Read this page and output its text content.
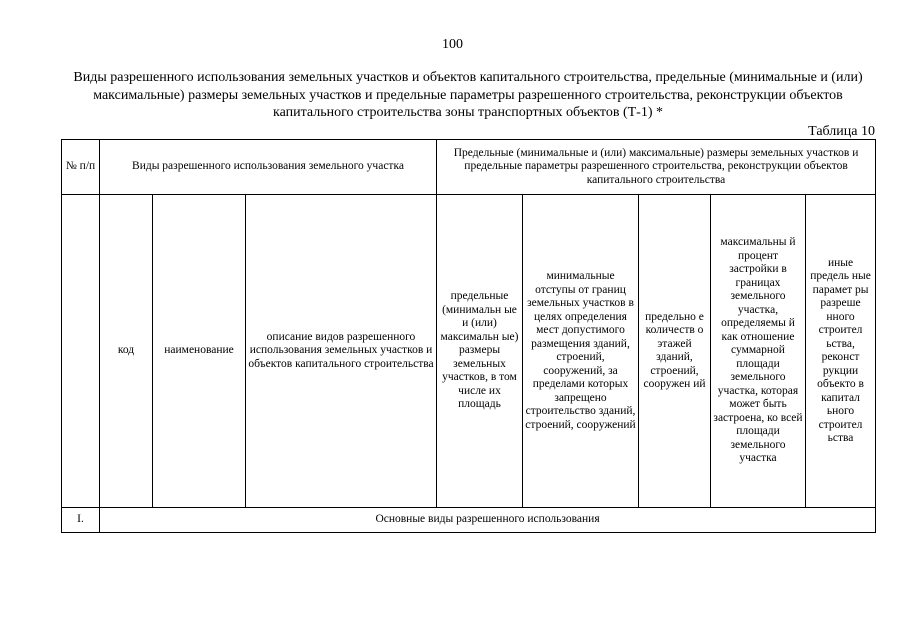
100
Виды разрешенного использования земельных участков и объектов капитального строительства, предельные (минимальные и (или) максимальные) размеры земельных участков и предельные параметры разрешенного строительства, реконструкции объектов капитального строительства зоны транспортных объектов (Т-1) *
Таблица 10
№ п/п	Виды разрешенного использования земельного участка			Предельные (минимальные и (или) максимальные) размеры земельных участков и предельные параметры разрешенного строительства, реконструкции объектов капитального строительства				
	код	наименование	описание видов разрешенного использования земельных участков и объектов капитального строительства	предельные (минимальн ые и (или) максимальн ые) размеры земельных участков, в том числе их площадь	минимальные отступы от границ земельных участков в целях определения мест допустимого размещения зданий, строений, сооружений, за пределами которых запрещено строительство зданий, строений, сооружений	предельно е количеств о этажей зданий, строений, сооружен ий	максимальны й процент застройки в границах земельного участка, определяемы й как отношение суммарной площади земельного участка, которая может быть застроена, ко всей площади земельного участка	иные предель ные парамет ры разреше нного строител ьства, реконст рукции объекто в капитал ьного строител ьства
I.	Основные виды разрешенного использования							
